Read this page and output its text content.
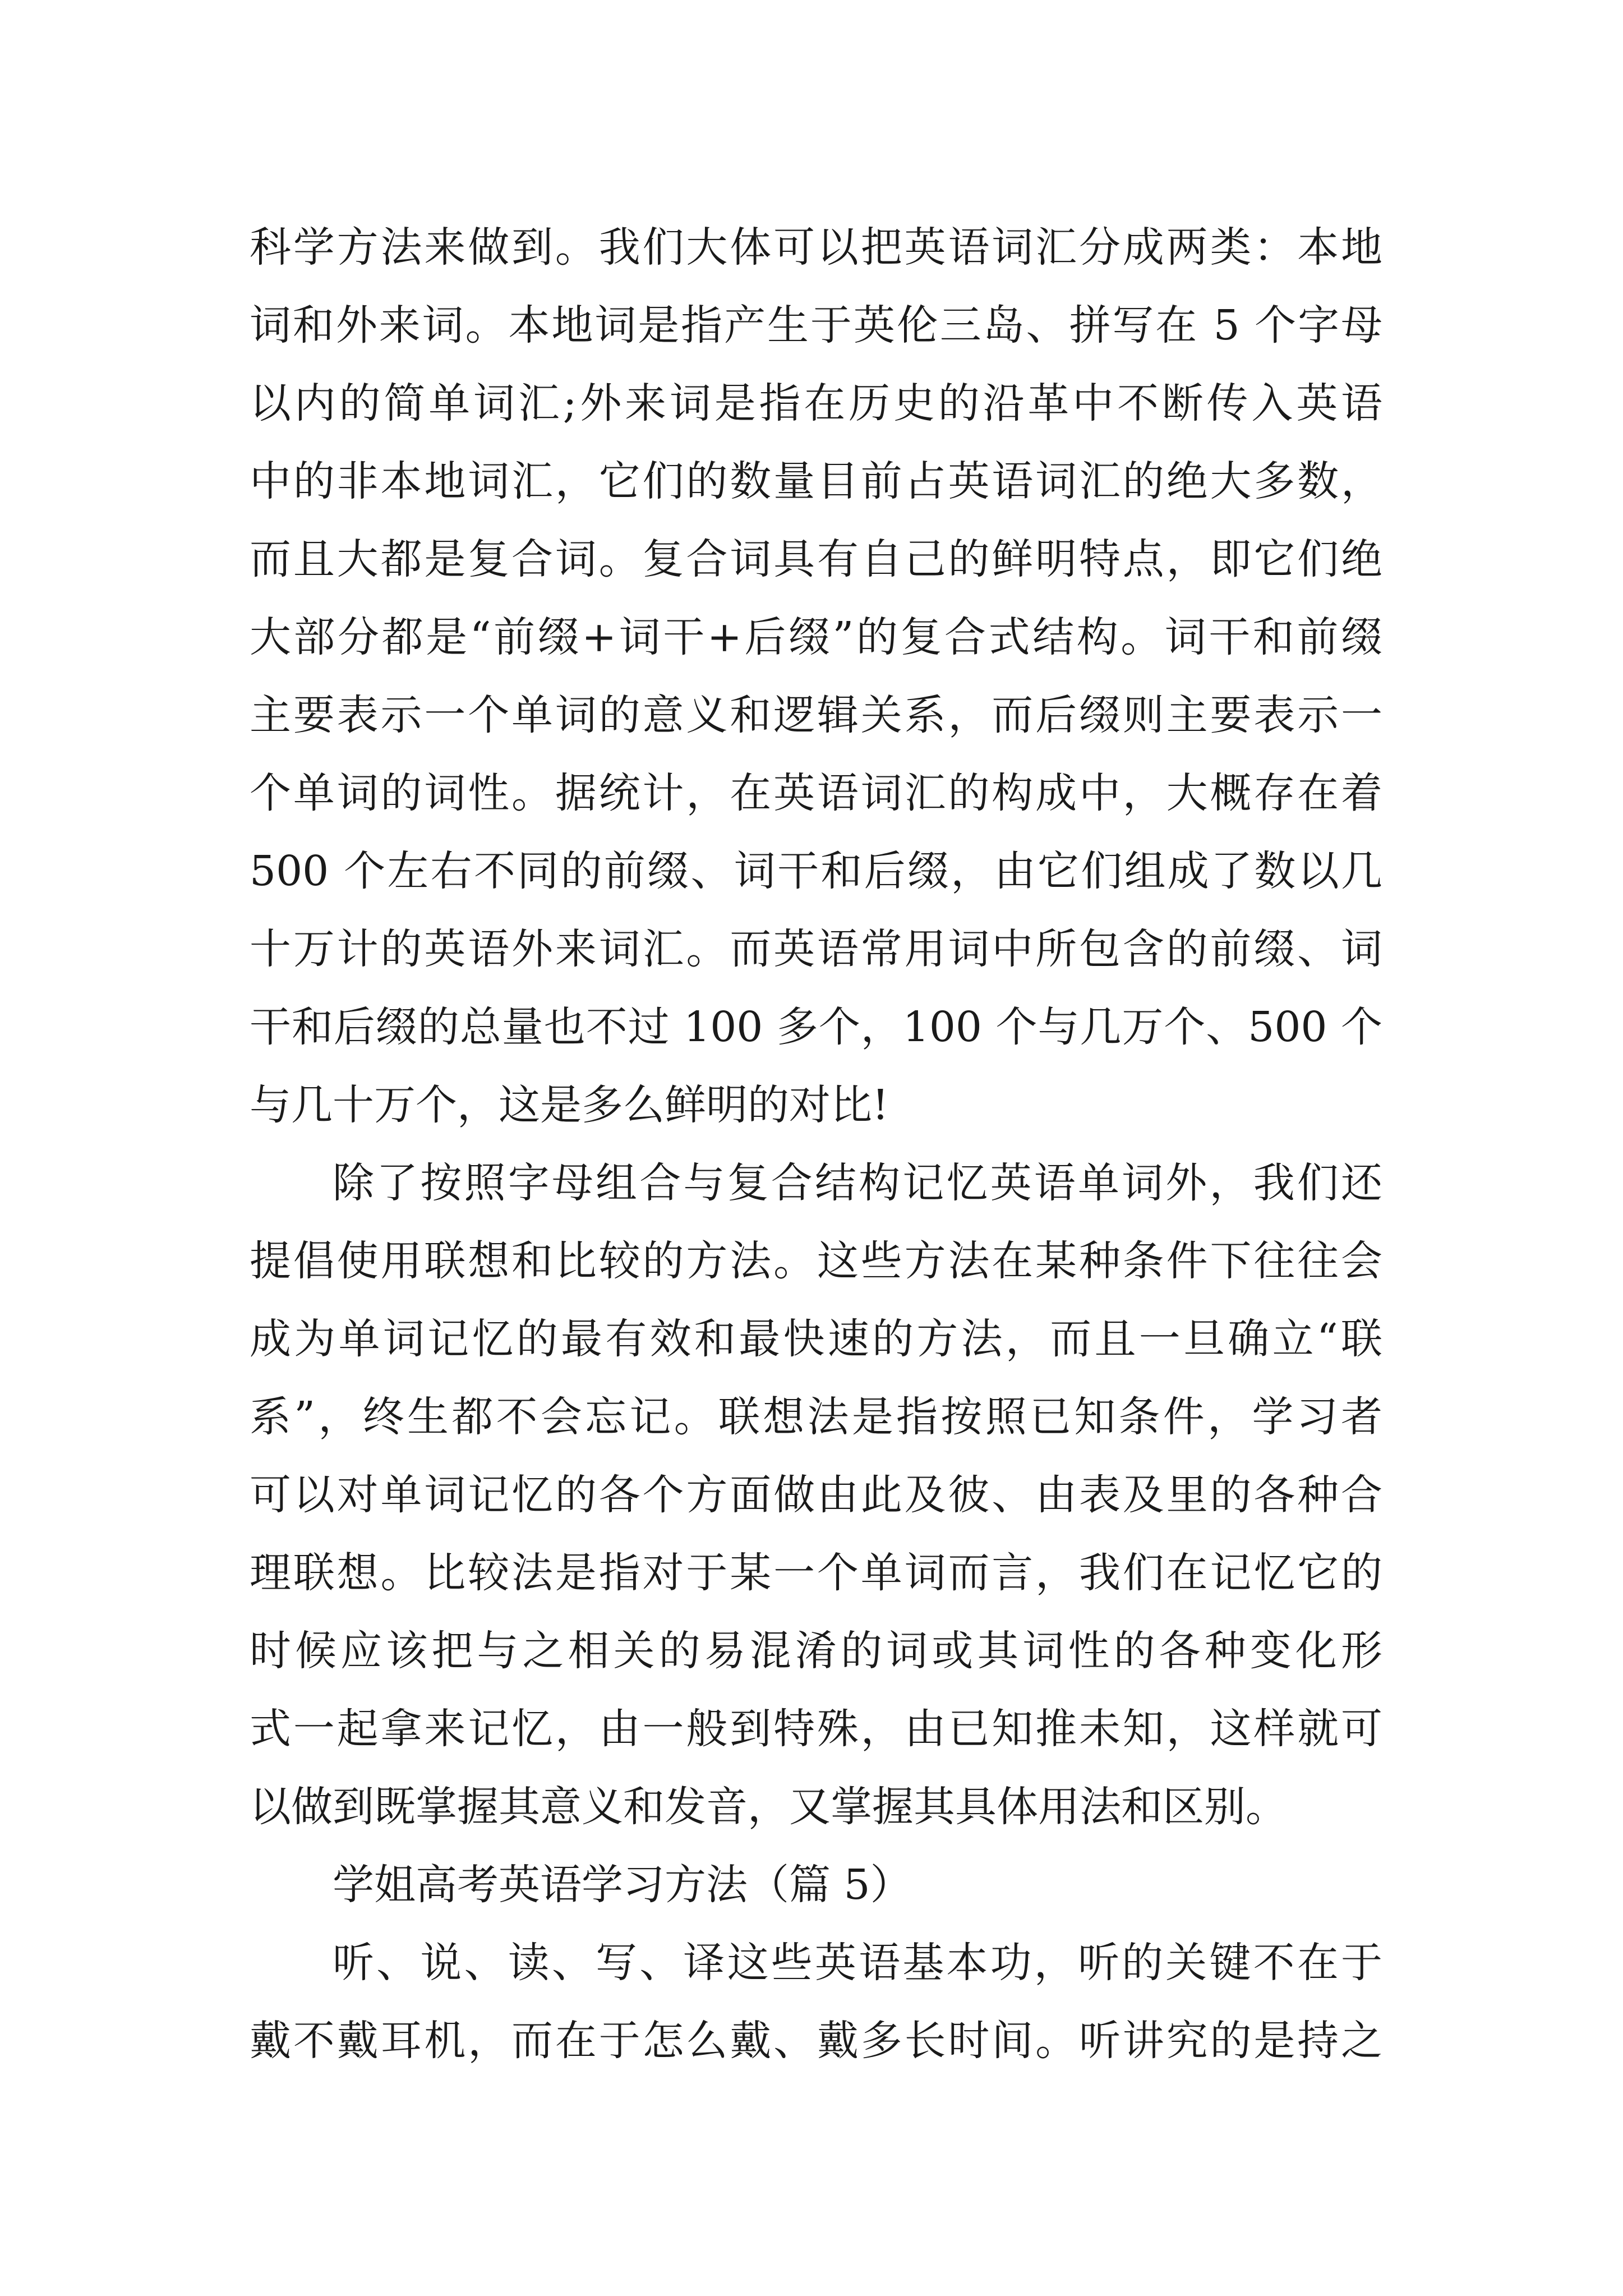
科学方法来做到。我们大体可以把英语词汇分成两类：本地
词和外来词。本地词是指产生于英伦三岛、拼写在 5 个字母
以内的简单词汇;外来词是指在历史的沿革中不断传入英语
中的非本地词汇，它们的数量目前占英语词汇的绝大多数，
而且大都是复合词。复合词具有自己的鲜明特点，即它们绝
大部分都是“前缀+词干+后缀”的复合式结构。词干和前缀
主要表示一个单词的意义和逻辑关系，而后缀则主要表示一
个单词的词性。据统计，在英语词汇的构成中，大概存在着
500 个左右不同的前缀、词干和后缀，由它们组成了数以几
十万计的英语外来词汇。而英语常用词中所包含的前缀、词
干和后缀的总量也不过 100 多个，100 个与几万个、500 个
与几十万个，这是多么鲜明的对比!
除了按照字母组合与复合结构记忆英语单词外，我们还
提倡使用联想和比较的方法。这些方法在某种条件下往往会
成为单词记忆的最有效和最快速的方法，而且一旦确立“联
系”，终生都不会忘记。联想法是指按照已知条件，学习者
可以对单词记忆的各个方面做由此及彼、由表及里的各种合
理联想。比较法是指对于某一个单词而言，我们在记忆它的
时候应该把与之相关的易混淆的词或其词性的各种变化形
式一起拿来记忆，由一般到特殊，由已知推未知，这样就可
以做到既掌握其意义和发音，又掌握其具体用法和区别。
学姐高考英语学习方法（篇 5）
听、说、读、写、译这些英语基本功，听的关键不在于
戴不戴耳机，而在于怎么戴、戴多长时间。听讲究的是持之
